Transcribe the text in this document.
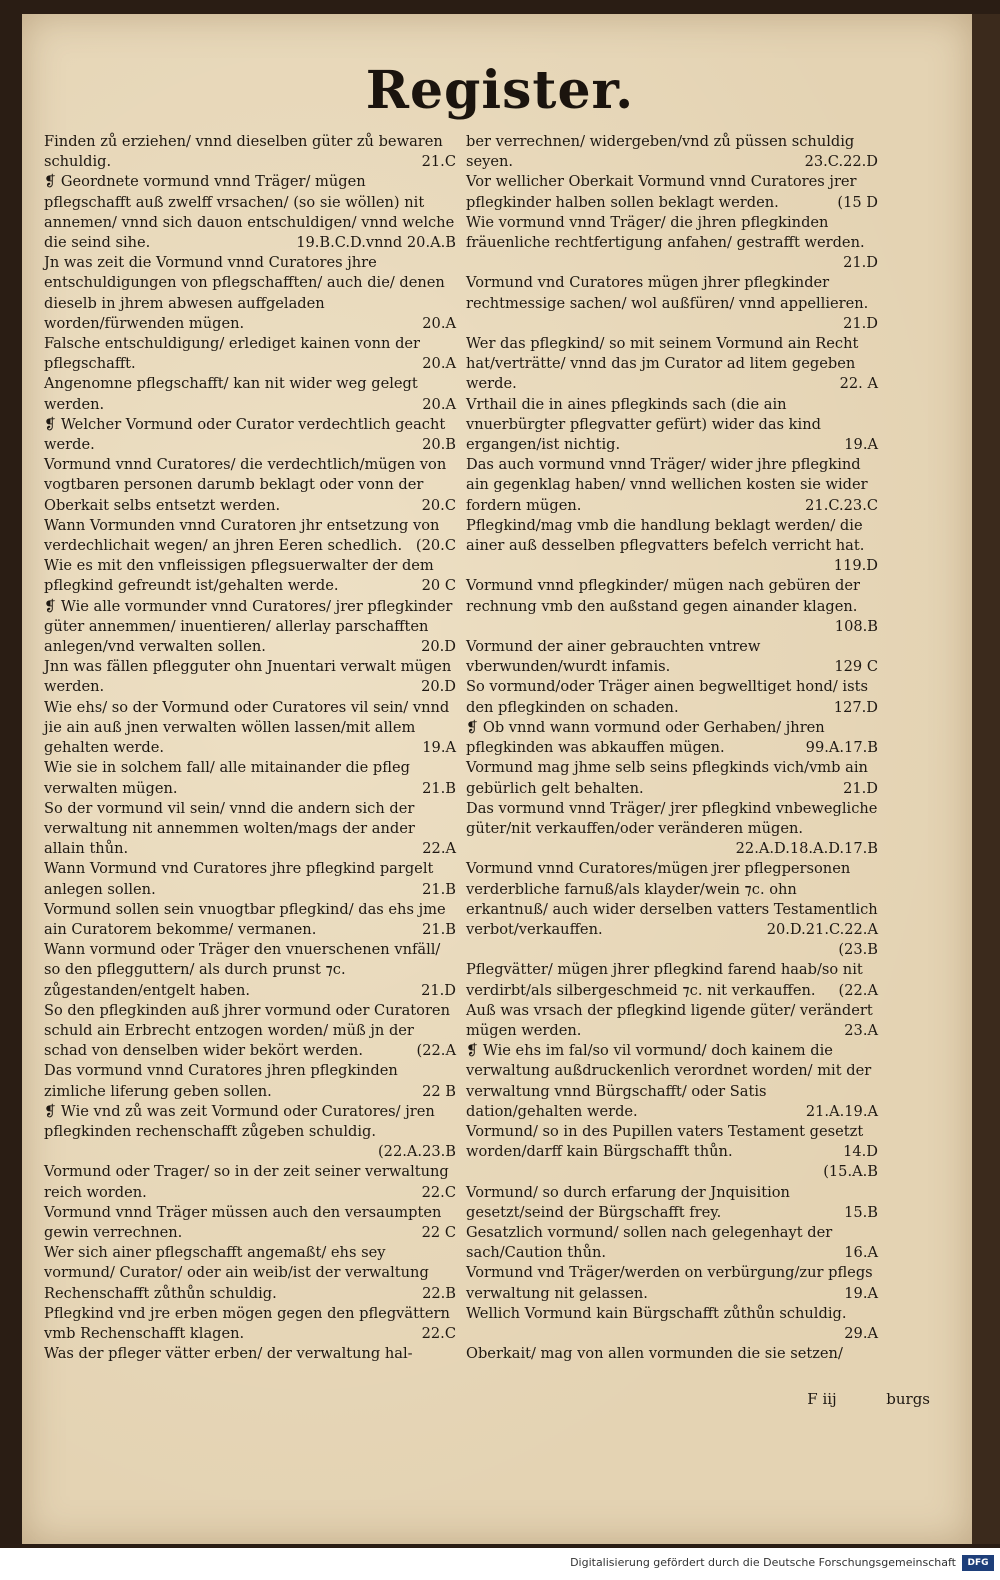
Register.
Finden zů erziehen/ vnnd dieselben güter zů bewaren schuldig.	21.C
❡ Geordnete vormund vnnd Träger/ mügen pflegschafft auß zwelff vrsachen/ (so sie wöllen) nit annemen/ vnnd sich dauon entschuldigen/ vnnd welche die seind sihe.	19.B.C.D.vnnd 20.A.B
Jn was zeit die Vormund vnnd Curatores jhre entschuldigungen von pflegschafften/ auch die/ denen dieselb in jhrem abwesen auffgeladen worden/fürwenden mügen.	20.A
Falsche entschuldigung/ erlediget kainen vonn der pflegschafft.	20.A
Angenomne pflegschafft/ kan nit wider weg gelegt werden.	20.A
❡ Welcher Vormund oder Curator verdechtlich geacht werde.	20.B
Vormund vnnd Curatores/ die verdechtlich/mügen von vogtbaren personen darumb beklagt oder vonn der Oberkait selbs entsetzt werden.	20.C
Wann Vormunden vnnd Curatoren jhr entsetzung von verdechlichait wegen/ an jhren Eeren schedlich. (20.C
Wie es mit den vnfleissigen pflegsuerwalter der dem pflegkind gefreundt ist/gehalten werde.	20 C
❡ Wie alle vormunder vnnd Curatores/ jrer pflegkinder güter annemmen/ inuentieren/ allerlay parschafften anlegen/vnd verwalten sollen.	20.D
Jnn was fällen pflegguter ohn Jnuentari verwalt mügen werden.	20.D
Wie ehs/ so der Vormund oder Curatores vil sein/ vnnd jie ain auß jnen verwalten wöllen lassen/mit allem gehalten werde.	19.A
Wie sie in solchem fall/ alle mitainander die pfleg verwalten mügen.	21.B
So der vormund vil sein/ vnnd die andern sich der verwaltung nit annemmen wolten/mags der ander allain thůn.	22.A
Wann Vormund vnd Curatores jhre pflegkind pargelt anlegen sollen.	21.B
Vormund sollen sein vnuogtbar pflegkind/ das ehs jme ain Curatorem bekomme/ vermanen.	21.B
Wann vormund oder Träger den vnuerschenen vnfäll/ so den pflegguttern/ als durch prunst ⁊c. zůgestanden/entgelt haben.	21.D
So den pflegkinden auß jhrer vormund oder Curatoren schuld ain Erbrecht entzogen worden/ müß jn der schad von denselben wider bekört werden.	(22.A
Das vormund vnnd Curatores jhren pflegkinden zimliche liferung geben sollen.	22 B
❡ Wie vnd zů was zeit Vormund oder Curatores/ jren pflegkinden rechenschafft zůgeben schuldig.
(22.A.23.B
Vormund oder Trager/ so in der zeit seiner verwaltung reich worden.	22.C
Vormund vnnd Träger müssen auch den versaumpten gewin verrechnen.	22 C
Wer sich ainer pflegschafft angemaßt/ ehs sey vormund/ Curator/ oder ain weib/ist der verwaltung Rechenschafft zůthůn schuldig.	22.B
Pflegkind vnd jre erben mögen gegen den pflegvättern vmb Rechenschafft klagen.	22.C
Was der pfleger vätter erben/ der verwaltung hal-
ber verrechnen/ widergeben/vnd zů püssen schuldig seyen.	23.C.22.D
Vor wellicher Oberkait Vormund vnnd Curatores jrer pflegkinder halben sollen beklagt werden.	(15 D
Wie vormund vnnd Träger/ die jhren pflegkinden fräuenliche rechtfertigung anfahen/ gestrafft werden.
21.D
Vormund vnd Curatores mügen jhrer pflegkinder rechtmessige sachen/ wol außfüren/ vnnd appellieren.
21.D
Wer das pflegkind/ so mit seinem Vormund ain Recht hat/verträtte/ vnnd das jm Curator ad litem gegeben werde.	22. A
Vrthail die in aines pflegkinds sach (die ain vnuerbürgter pflegvatter gefürt) wider das kind ergangen/ist nichtig.	19.A
Das auch vormund vnnd Träger/ wider jhre pflegkind ain gegenklag haben/ vnnd wellichen kosten sie wider fordern mügen.	21.C.23.C
Pflegkind/mag vmb die handlung beklagt werden/ die ainer auß desselben pflegvatters befelch verricht hat.
119.D
Vormund vnnd pflegkinder/ mügen nach gebüren der rechnung vmb den außstand gegen ainander klagen.
108.B
Vormund der ainer gebrauchten vntrew vberwunden/wurdt infamis.	129 C
So vormund/oder Träger ainen begwelltiget hond/ ists den pflegkinden on schaden.	127.D
❡ Ob vnnd wann vormund oder Gerhaben/ jhren pflegkinden was abkauffen mügen.	99.A.17.B
Vormund mag jhme selb seins pflegkinds vich/vmb ain gebürlich gelt behalten.	21.D
Das vormund vnnd Träger/ jrer pflegkind vnbewegliche güter/nit verkauffen/oder veränderen mügen.
22.A.D.18.A.D.17.B
Vormund vnnd Curatores/mügen jrer pflegpersonen verderbliche farnuß/als klayder/wein ⁊c. ohn erkantnuß/ auch wider derselben vatters Testamentlich verbot/verkauffen.	20.D.21.C.22.A
(23.B
Pflegvätter/ mügen jhrer pflegkind farend haab/so nit verdirbt/als silbergeschmeid ⁊c. nit verkauffen.	(22.A
Auß was vrsach der pflegkind ligende güter/ verändert mügen werden.	23.A
❡ Wie ehs im fal/so vil vormund/ doch kainem die verwaltung außdruckenlich verordnet worden/ mit der verwaltung vnnd Bürgschafft/ oder Satis dation/gehalten werde.	21.A.19.A
Vormund/ so in des Pupillen vaters Testament gesetzt worden/darff kain Bürgschafft thůn.	14.D
(15.A.B
Vormund/ so durch erfarung der Jnquisition gesetzt/seind der Bürgschafft frey.	15.B
Gesatzlich vormund/ sollen nach gelegenhayt der sach/Caution thůn.	16.A
Vormund vnd Träger/werden on verbürgung/zur pflegs verwaltung nit gelassen.	19.A
Wellich Vormund kain Bürgschafft zůthůn schuldig.
29.A
Oberkait/ mag von allen vormunden die sie setzen/
F iij	burgs
Digitalisierung gefördert durch die Deutsche Forschungsgemeinschaft	DFG
